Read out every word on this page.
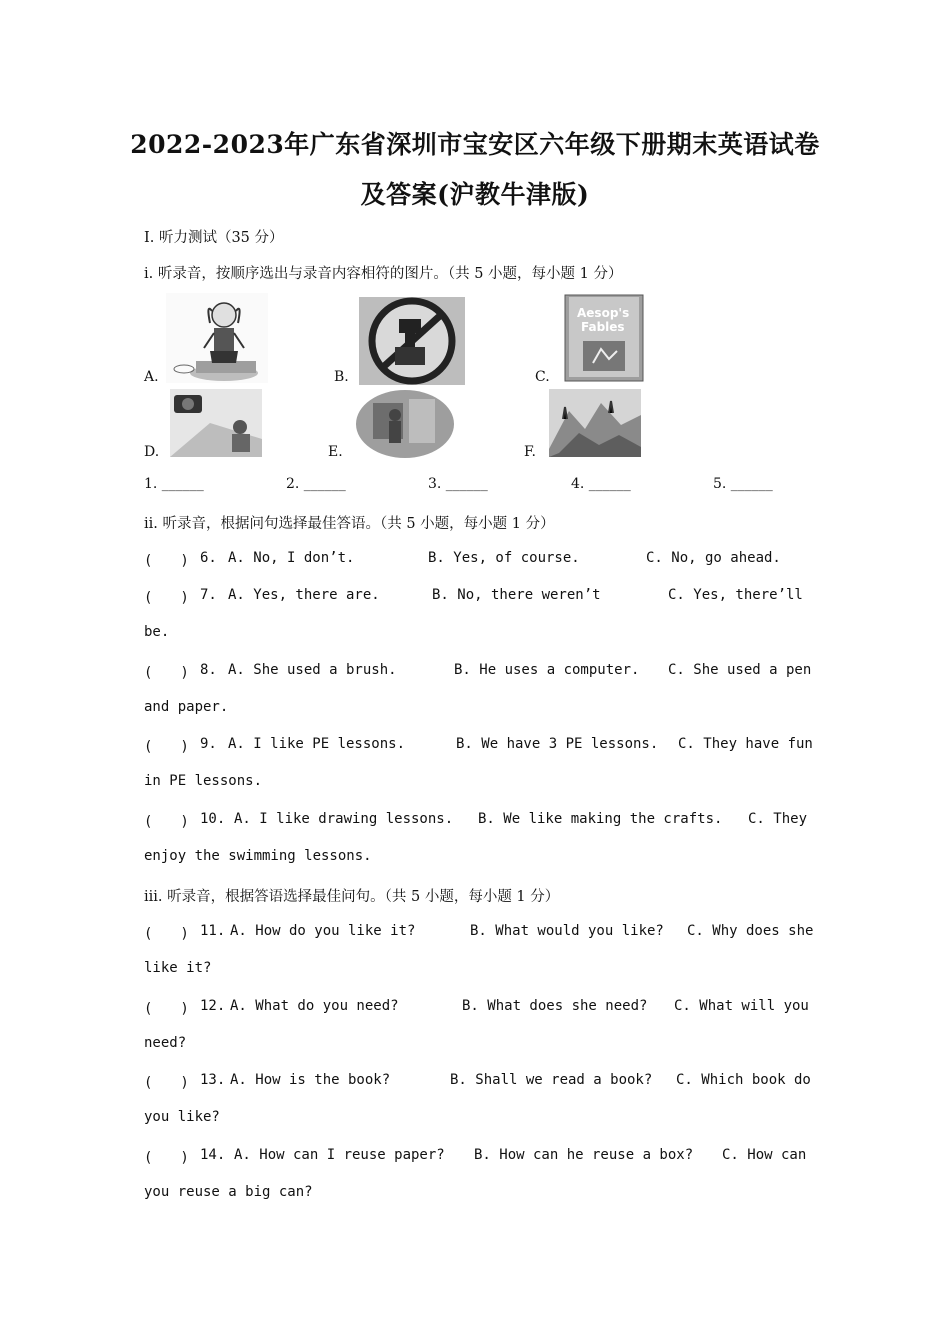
2022-2023年广东省深圳市宝安区六年级下册期末英语试卷
及答案(沪教牛津版)
Ⅰ. 听力测试（35 分）
i. 听录音，按顺序选出与录音内容相符的图片。（共 5 小题，每小题 1 分）
A.	B.	C.
Aesop's
Fables
D.	E.	F.
1. ______	2. ______	3. ______	4. ______	5. ______
ii. 听录音，根据问句选择最佳答语。（共 5 小题，每小题 1 分）
(　　) 6. A. No, I don’t.	B. Yes, of course.	C. No, go ahead.
(　　) 7. A. Yes, there are.	B. No, there weren’t	C. Yes, there’ll
be.
(　　) 8. A. She used a brush.	B. He uses a computer. C. She used a pen
and paper.
(　　) 9. A. I like PE lessons.	B. We have 3 PE lessons. C. They have fun
in PE lessons.
(　　) 10. A. I like drawing lessons. B. We like making the crafts. C. They
enjoy the swimming lessons.
iii. 听录音，根据答语选择最佳问句。（共 5 小题，每小题 1 分）
(　　) 11. A. How do you like it?	B. What would you like? C. Why does she
like it?
(　　) 12. A. What do you need?	B. What does she need? C. What will you
need?
(　　) 13. A. How is the book?	B. Shall we read a book? C. Which book do
you like?
(　　) 14. A. How can I reuse paper? B. How can he reuse a box? C. How can
you reuse a big can?
